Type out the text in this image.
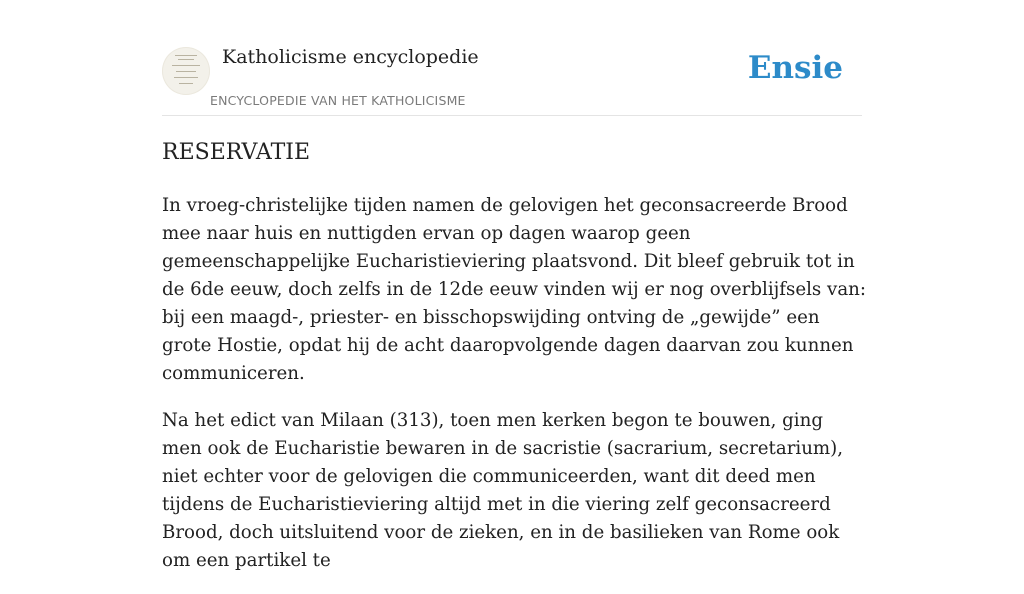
Katholicisme encyclopedie
ENCYCLOPEDIE VAN HET KATHOLICISME
Ensie
RESERVATIE

In vroeg-christelijke tijden namen de gelovigen het geconsacreerde Brood mee naar huis en nuttigden ervan op dagen waarop geen gemeenschappelijke Eucharistieviering plaatsvond. Dit bleef gebruik tot in de 6de eeuw, doch zelfs in de 12de eeuw vinden wij er nog overblijfsels van: bij een maagd-, priester- en bisschopswijding ontving de „gewijde” een grote Hostie, opdat hij de acht daaropvolgende dagen daarvan zou kunnen communiceren.

Na het edict van Milaan (313), toen men kerken begon te bouwen, ging men ook de Eucharistie bewaren in de sacristie (sacrarium, secretarium), niet echter voor de gelovigen die communiceerden, want dit deed men tijdens de Eucharistieviering altijd met in die viering zelf geconsacreerd Brood, doch uitsluitend voor de zieken, en in de basilieken van Rome ook om een partikel te
